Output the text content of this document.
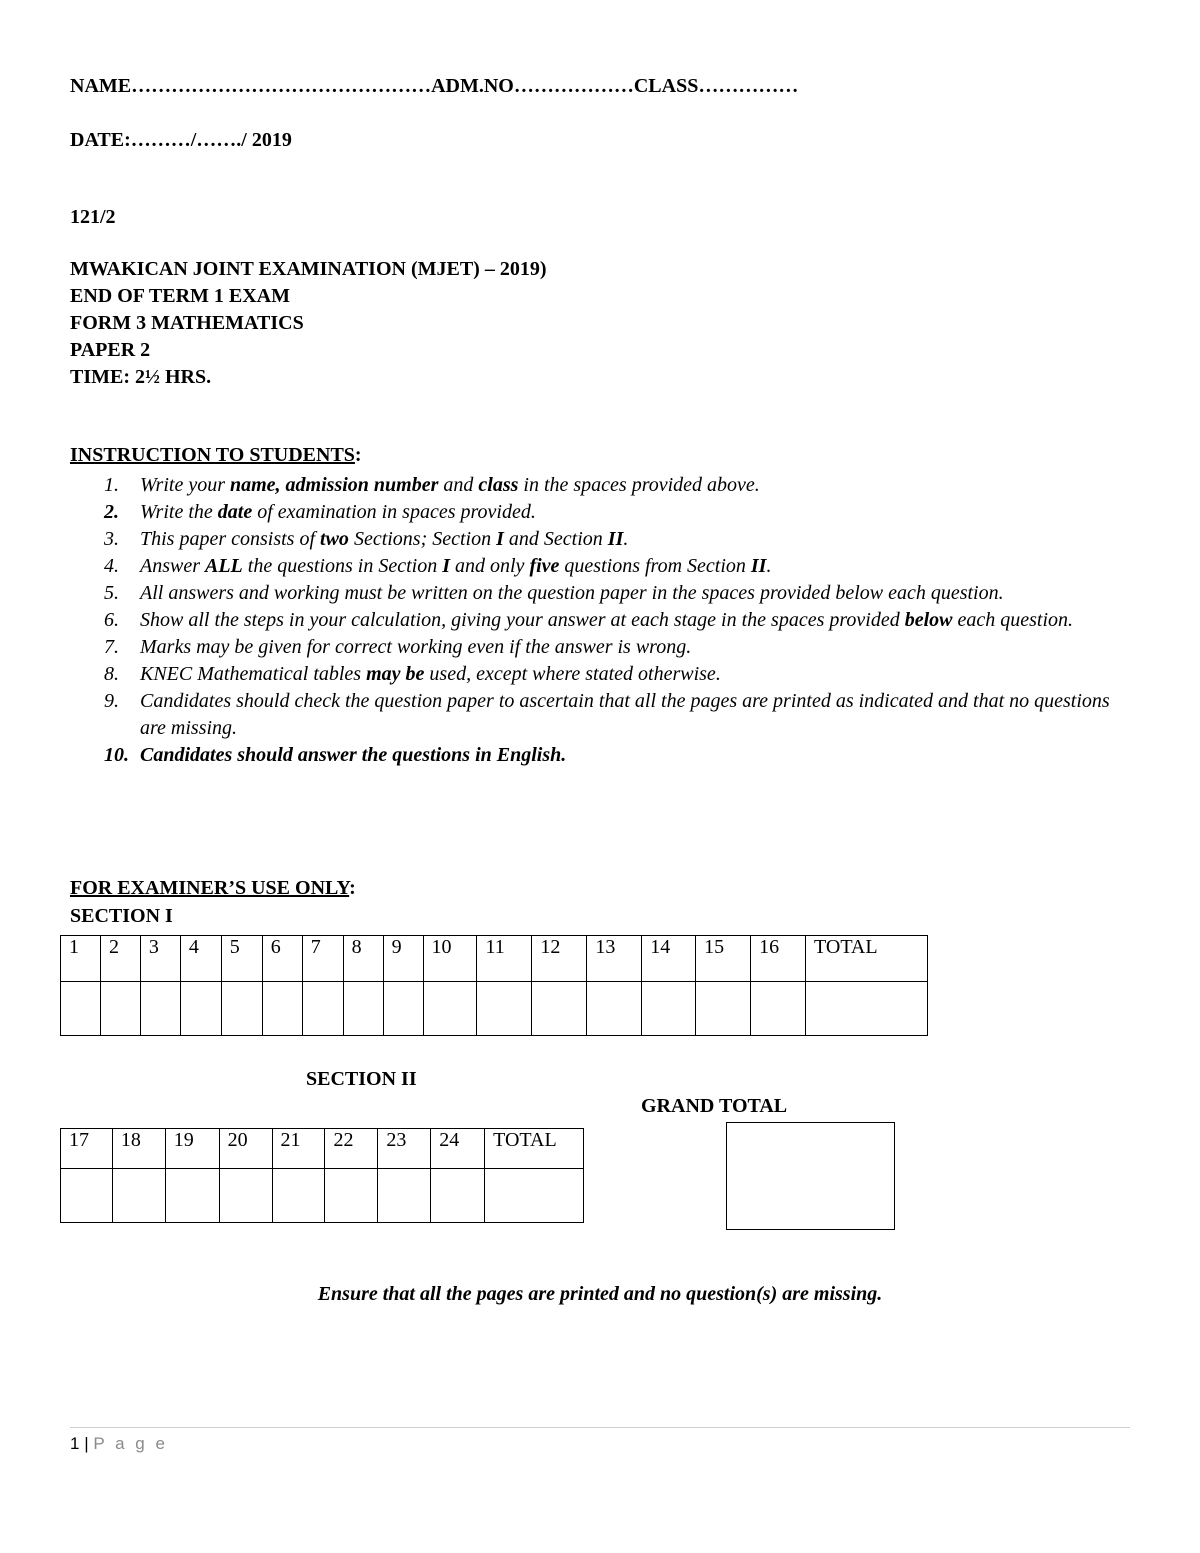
NAME………………………………………ADM.NO………………CLASS……………
DATE:………/……./ 2019
121/2
MWAKICAN JOINT EXAMINATION (MJET) – 2019)
END OF TERM 1 EXAM
FORM 3 MATHEMATICS
PAPER 2
TIME: 2½ HRS.
INSTRUCTION TO STUDENTS:
1. Write your name, admission number and class in the spaces provided above.
2. Write the date of examination in spaces provided.
3. This paper consists of two Sections; Section I and Section II.
4. Answer ALL the questions in Section I and only five questions from Section II.
5. All answers and working must be written on the question paper in the spaces provided below each question.
6. Show all the steps in your calculation, giving your answer at each stage in the spaces provided below each question.
7. Marks may be given for correct working even if the answer is wrong.
8. KNEC Mathematical tables may be used, except where stated otherwise.
9. Candidates should check the question paper to ascertain that all the pages are printed as indicated and that no questions are missing.
10. Candidates should answer the questions in English.
FOR EXAMINER’S USE ONLY:
SECTION I
1	2	3	4	5	6	7	8	9	10	11	12	13	14	15	16	TOTAL

SECTION II
GRAND TOTAL
17	18	19	20	21	22	23	24	TOTAL

Ensure that all the pages are printed and no question(s) are missing.
1 | P a g e
